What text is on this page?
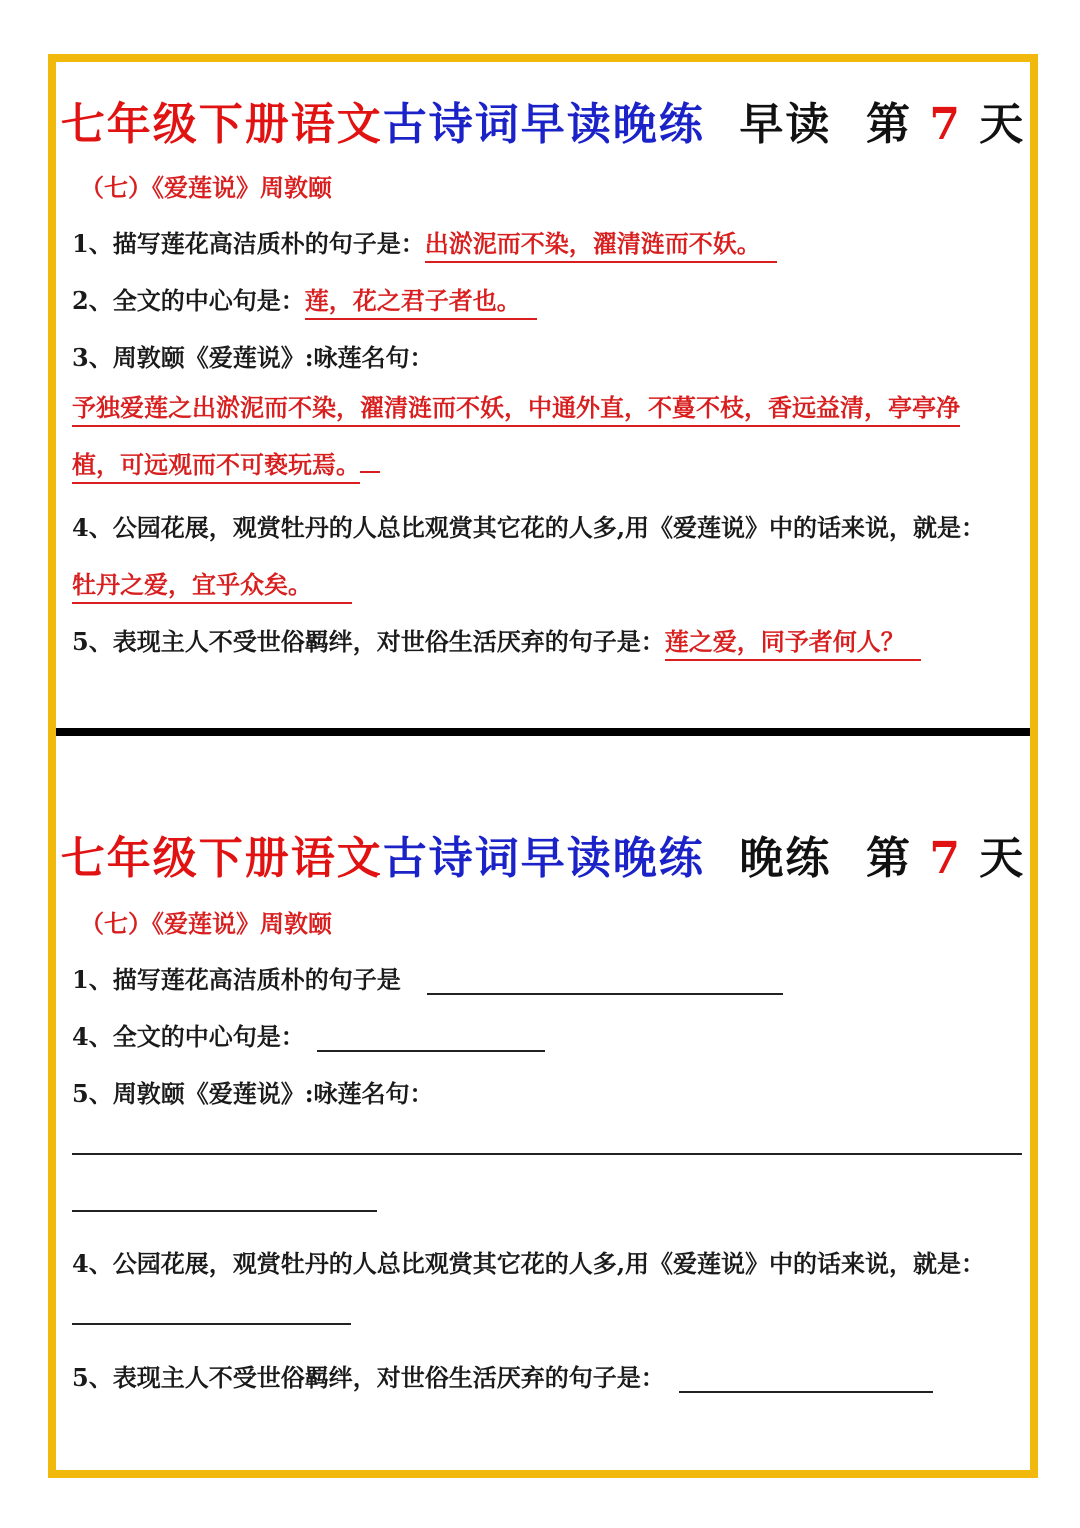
七年级下册语文古诗词早读晚练 早读 第 7 天
（七）《爱莲说》周敦颐
1、描写莲花高洁质朴的句子是：出淤泥而不染，濯清涟而不妖。
2、全文的中心句是：莲，花之君子者也。
3、周敦颐《爱莲说》:咏莲名句：
予独爱莲之出淤泥而不染，濯清涟而不妖，中通外直，不蔓不枝，香远益清，亭亭净
植，可远观而不可亵玩焉。
4、公园花展，观赏牡丹的人总比观赏其它花的人多,用《爱莲说》中的话来说，就是：
牡丹之爱，宜乎众矣。
5、表现主人不受世俗羁绊，对世俗生活厌弃的句子是：莲之爱，同予者何人？
七年级下册语文古诗词早读晚练 晚练 第 7 天
（七）《爱莲说》周敦颐
1、描写莲花高洁质朴的句子是
4、全文的中心句是：
5、周敦颐《爱莲说》:咏莲名句：
4、公园花展，观赏牡丹的人总比观赏其它花的人多,用《爱莲说》中的话来说，就是：
5、表现主人不受世俗羁绊，对世俗生活厌弃的句子是：
